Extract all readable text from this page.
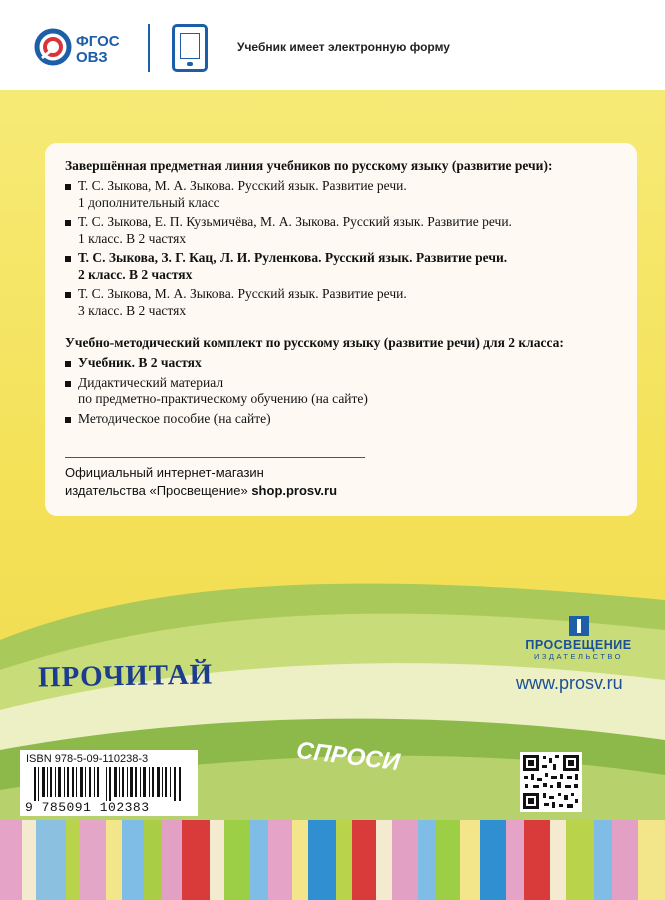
ФГОС
ОВЗ
Учебник имеет электронную форму
Завершённая предметная линия учебников по русскому языку (развитие речи):
Т. С. Зыкова, М. А. Зыкова. Русский язык. Развитие речи.
1 дополнительный класс
Т. С. Зыкова, Е. П. Кузьмичёва, М. А. Зыкова. Русский язык. Развитие речи.
1 класс. В 2 частях
Т. С. Зыкова, З. Г. Кац, Л. И. Руленкова. Русский язык. Развитие речи.
2 класс. В 2 частях
Т. С. Зыкова, М. А. Зыкова. Русский язык. Развитие речи.
3 класс. В 2 частях
Учебно-методический комплект по русскому языку (развитие речи) для 2 класса:
Учебник. В 2 частях
Дидактический материал
по предметно-практическому обучению (на сайте)
Методическое пособие (на сайте)
Официальный интернет-магазин
издательства «Просвещение» shop.prosv.ru
ПРОСВЕЩЕНИЕ
ИЗДАТЕЛЬСТВО
www.prosv.ru
ПРОЧИТАЙ
СПРОСИ
ISBN 978-5-09-110238-3
9 785091 102383
